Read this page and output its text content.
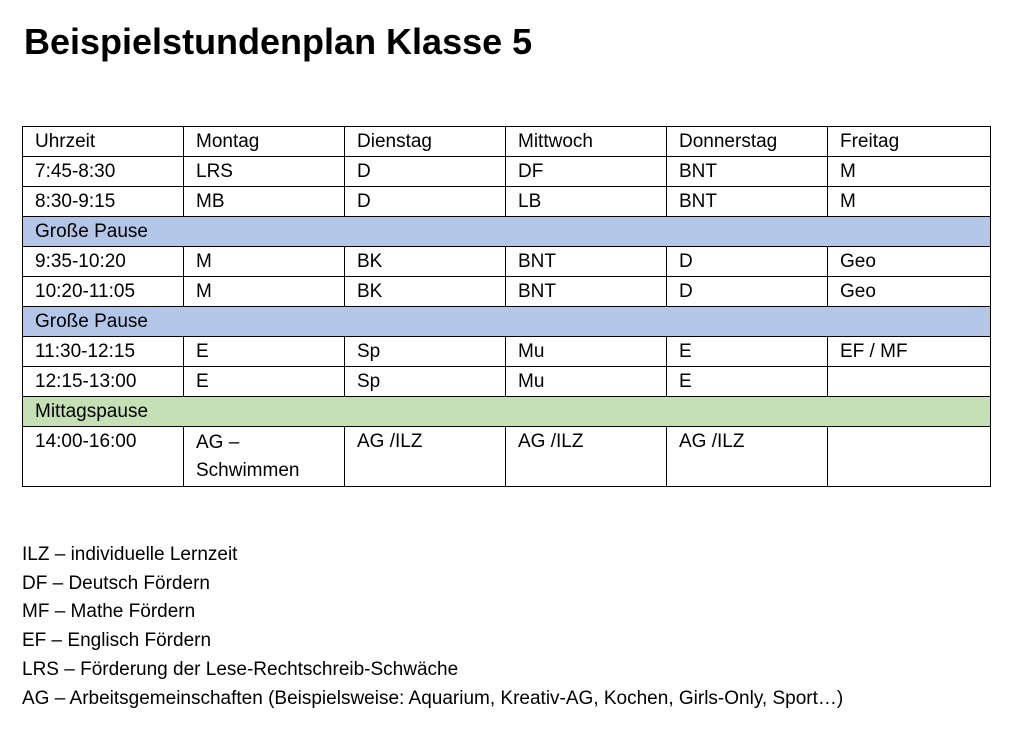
Beispielstundenplan Klasse 5
Uhrzeit	Montag	Dienstag	Mittwoch	Donnerstag	Freitag
7:45-8:30	LRS	D	DF	BNT	M
8:30-9:15	MB	D	LB	BNT	M
Große Pause					
9:35-10:20	M	BK	BNT	D	Geo
10:20-11:05	M	BK	BNT	D	Geo
Große Pause					
11:30-12:15	E	Sp	Mu	E	EF / MF
12:15-13:00	E	Sp	Mu	E	
Mittagspause					
14:00-16:00	AG – Schwimmen	AG /ILZ	AG /ILZ	AG /ILZ	
ILZ – individuelle Lernzeit
DF – Deutsch Fördern
MF – Mathe Fördern
EF – Englisch Fördern
LRS – Förderung der Lese-Rechtschreib-Schwäche
AG – Arbeitsgemeinschaften (Beispielsweise: Aquarium, Kreativ-AG, Kochen, Girls-Only, Sport…)
